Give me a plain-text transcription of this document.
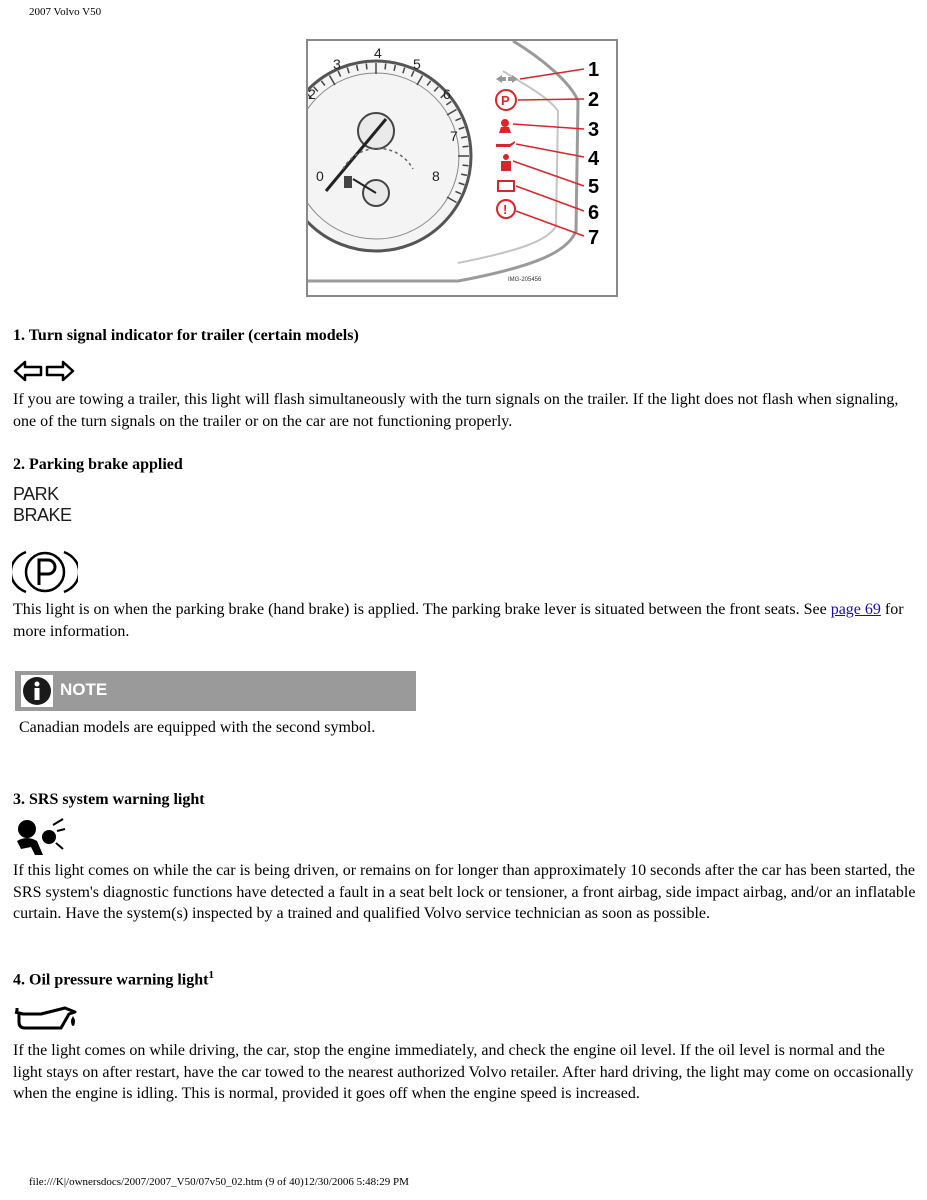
2007 Volvo V50
3
4
5
6
7
8
2
0
P
!
1
2
3
4
5
6
7
IMG-205456
1. Turn signal indicator for trailer (certain models)
If you are towing a trailer, this light will flash simultaneously with the turn signals on the trailer. If the light does not flash when signaling, one of the turn signals on the trailer or on the car are not functioning properly.
2. Parking brake applied
PARK
BRAKE
This light is on when the parking brake (hand brake) is applied. The parking brake lever is situated between the front seats. See page 69 for more information.
NOTE
Canadian models are equipped with the second symbol.
3. SRS system warning light
If this light comes on while the car is being driven, or remains on for longer than approximately 10 seconds after the car has been started, the SRS system's diagnostic functions have detected a fault in a seat belt lock or tensioner, a front airbag, side impact airbag, and/or an inflatable curtain. Have the system(s) inspected by a trained and qualified Volvo service technician as soon as possible.
4. Oil pressure warning light$^1$
If the light comes on while driving, the car, stop the engine immediately, and check the engine oil level. If the oil level is normal and the light stays on after restart, have the car towed to the nearest authorized Volvo retailer. After hard driving, the light may come on occasionally when the engine is idling. This is normal, provided it goes off when the engine speed is increased.
file:///K|/ownersdocs/2007/2007_V50/07v50_02.htm (9 of 40)12/30/2006 5:48:29 PM
